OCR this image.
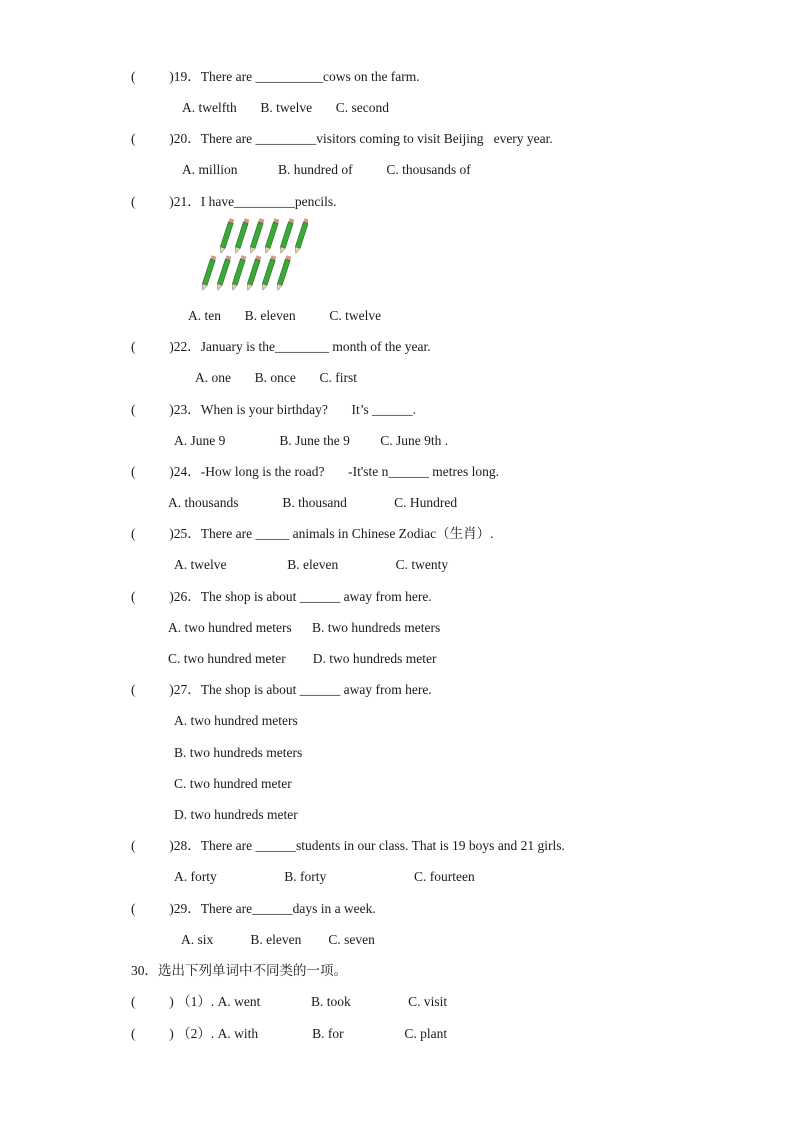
(          )19．There are __________cows on the farm.
A. twelfth       B. twelve       C. second
(          )20．There are _________visitors coming to visit Beijing   every year.
A. million            B. hundred of          C. thousands of
(          )21．I have_________pencils.
A. ten       B. eleven          C. twelve
(          )22．January is the________ month of the year.
A. one       B. once       C. first
(          )23．When is your birthday?       It’s ______.
A. June 9                B. June the 9         C. June 9th .
(          )24．-How long is the road?       -It'ste n______ metres long.
A. thousands             B. thousand              C. Hundred
(          )25．There are _____ animals in Chinese Zodiac（生肖）.
A. twelve                  B. eleven                 C. twenty
(          )26．The shop is about ______ away from here.
A. two hundred meters      B. two hundreds meters
C. two hundred meter        D. two hundreds meter
(          )27．The shop is about ______ away from here.
A. two hundred meters
B. two hundreds meters
C. two hundred meter
D. two hundreds meter
(          )28．There are ______students in our class. That is 19 boys and 21 girls.
A. forty                    B. forty                          C. fourteen
(          )29．There are______days in a week.
A. six           B. eleven        C. seven
30．选出下列单词中不同类的一项。
(          ) （1）. A. went               B. took                 C. visit
(          ) （2）. A. with                B. for                  C. plant
